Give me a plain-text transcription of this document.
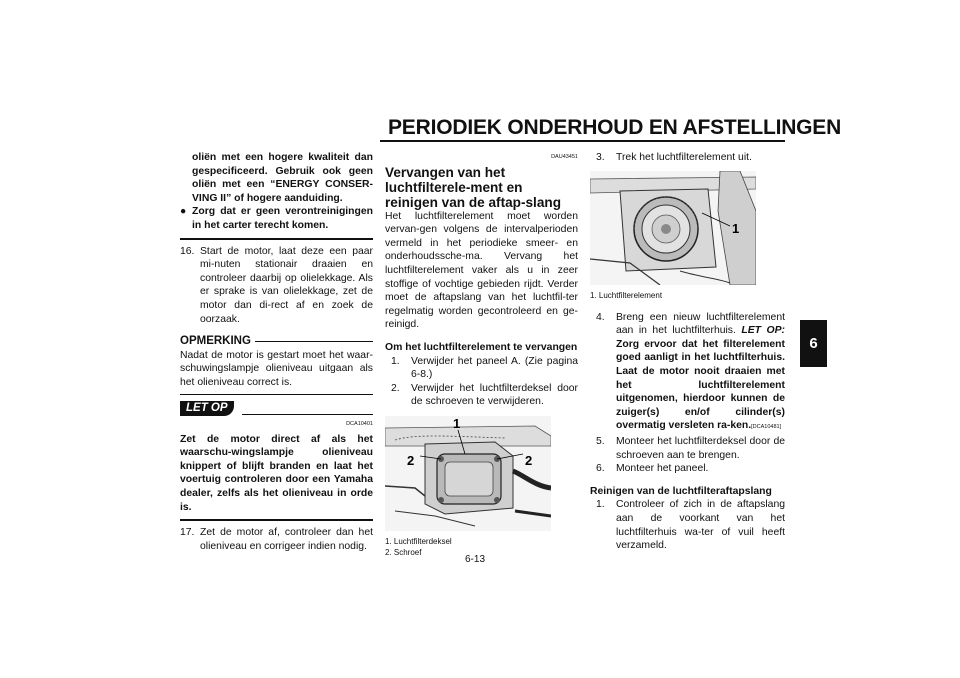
PERIODIEK ONDERHOUD EN AFSTELLINGEN
6
oliën met een hogere kwaliteit dan gespecificeerd. Gebruik ook geen oliën met een “ENERGY CONSER-VING II” of hogere aanduiding.
● Zorg dat er geen verontreinigingen in het carter terecht komen.
16. Start de motor, laat deze een paar mi-nuten stationair draaien en controleer daarbij op olielekkage. Als er sprake is van olielekkage, zet de motor dan di-rect af en zoek de oorzaak.
OPMERKING

Nadat de motor is gestart moet het waar-schuwingslampje olieniveau uitgaan als het olieniveau correct is.

LET OP
DCA10401

Zet de motor direct af als het waarschu-wingslampje olieniveau knippert of blijft branden en laat het voertuig controleren door een Yamaha dealer, zelfs als het olieniveau in orde is.

17. Zet de motor af, controleer dan het olieniveau en corrigeer indien nodig.
DAU43451
Vervangen van het luchtfilterele-ment en reinigen van de aftap-slang

Het luchtfilterelement moet worden vervan-gen volgens de intervalperioden vermeld in het periodieke smeer- en onderhoudssche-ma. Vervang het luchtfilterelement vaker als u in zeer stoffige of vochtige gebieden rijdt. Verder moet de aftapslang van het luchtfil-ter regelmatig worden gecontroleerd en ge-reinigd.

Om het luchtfilterelement te vervangen

1.	Verwijder het paneel A. (Zie pagina 6-8.)
2.	Verwijder het luchtfilterdeksel door de schroeven te verwijderen.
1
2	2
1. Luchtfilterdeksel
2. Schroef
3.	Trek het luchtfilterelement uit.
1
1. Luchtfilterelement
4.	Breng een nieuw luchtfilterelement aan in het luchtfilterhuis. LET OP: Zorg ervoor dat het filterelement goed aanligt in het luchtfilterhuis. Laat de motor nooit draaien met het luchtfilterelement uitgenomen, hierdoor kunnen de zuiger(s) en/of cilinder(s) overmatig versleten ra-ken.[DCA10481]
5.	Monteer het luchtfilterdeksel door de schroeven aan te brengen.
6.	Monteer het paneel.

Reinigen van de luchtfilteraftapslang

1.	Controleer of zich in de aftapslang aan de voorkant van het luchtfilterhuis wa-ter of vuil heeft verzameld.
6-13
